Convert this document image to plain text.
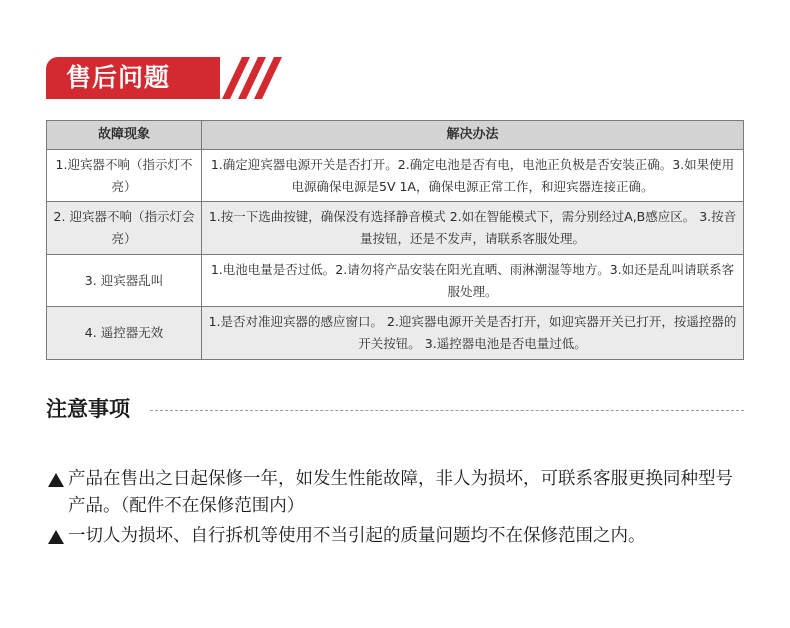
售后问题
故障现象	解决办法
1.迎宾器不响（指示灯不亮）	1.确定迎宾器电源开关是否打开。2.确定电池是否有电，电池正负极是否安装正确。3.如果使用电源确保电源是5V 1A，确保电源正常工作，和迎宾器连接正确。
2. 迎宾器不响（指示灯会亮）	1.按一下选曲按键，确保没有选择静音模式 2.如在智能模式下，需分别经过A,B感应区。 3.按音量按钮，还是不发声，请联系客服处理。
3. 迎宾器乱叫	1.电池电量是否过低。2.请勿将产品安装在阳光直晒、雨淋潮湿等地方。3.如还是乱叫请联系客服处理。
4. 遥控器无效	1.是否对准迎宾器的感应窗口。 2.迎宾器电源开关是否打开，如迎宾器开关已打开，按遥控器的开关按钮。 3.遥控器电池是否电量过低。
注意事项
产品在售出之日起保修一年，如发生性能故障，非人为损坏，可联系客服更换同种型号产品。（配件不在保修范围内）
一切人为损坏、自行拆机等使用不当引起的质量问题均不在保修范围之内。
